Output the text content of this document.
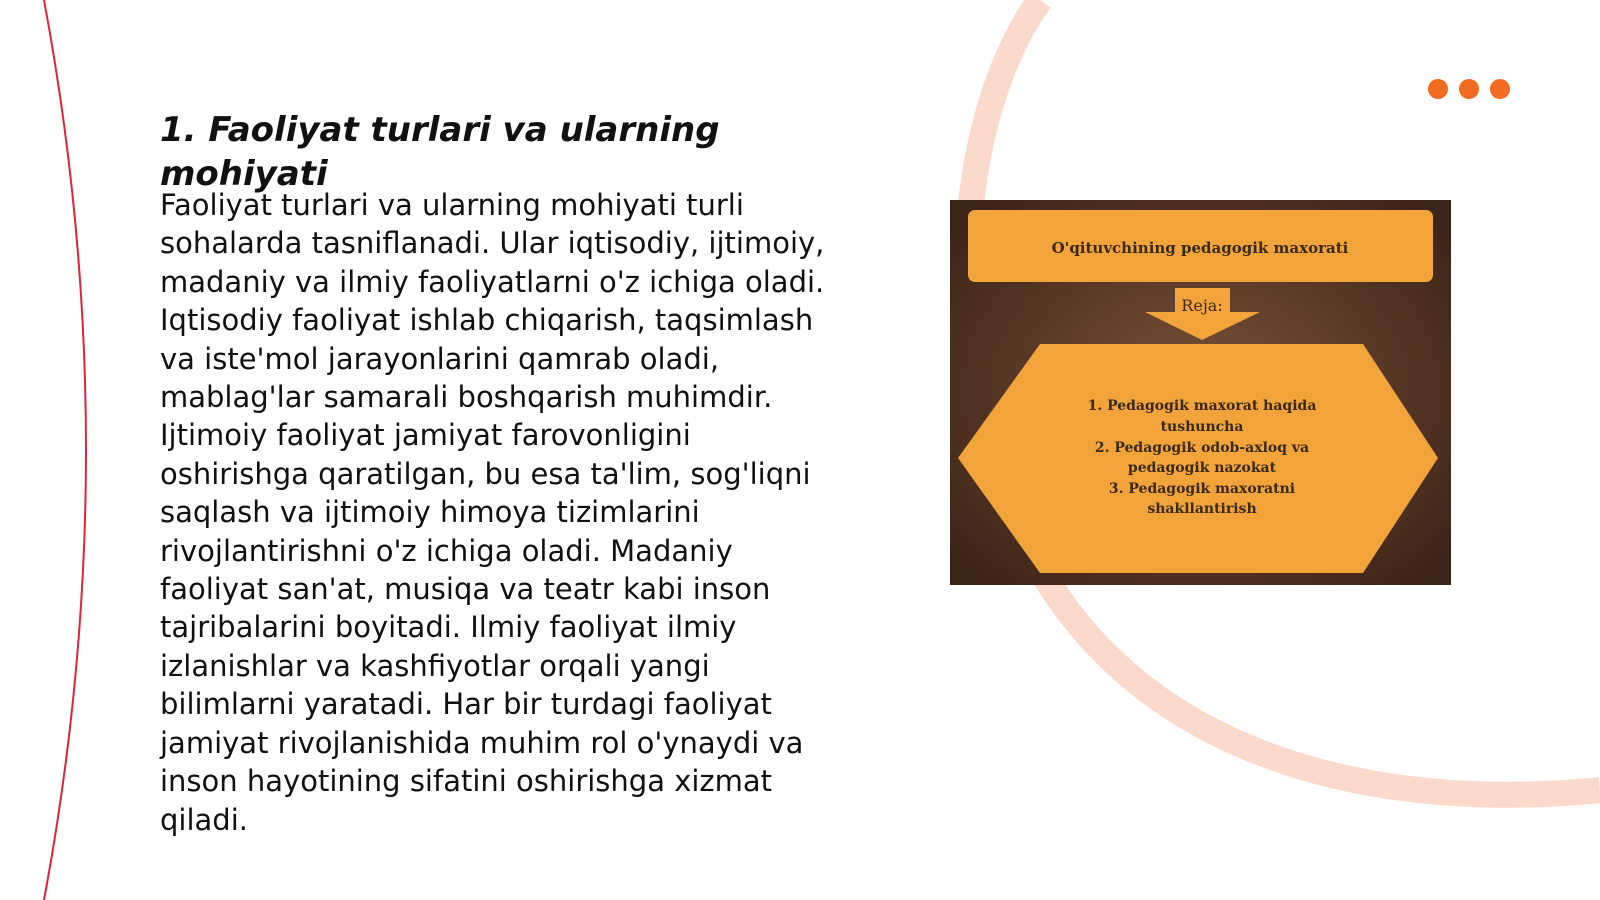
1. Faoliyat turlari va ularning mohiyati

Faoliyat turlari va ularning mohiyati turli sohalarda tasniflanadi. Ular iqtisodiy, ijtimoiy, madaniy va ilmiy faoliyatlarni o'z ichiga oladi. Iqtisodiy faoliyat ishlab chiqarish, taqsimlash va iste'mol jarayonlarini qamrab oladi, mablag'lar samarali boshqarish muhimdir. Ijtimoiy faoliyat jamiyat farovonligini oshirishga qaratilgan, bu esa ta'lim, sog'liqni saqlash va ijtimoiy himoya tizimlarini rivojlantirishni o'z ichiga oladi. Madaniy faoliyat san'at, musiqa va teatr kabi inson tajribalarini boyitadi. Ilmiy faoliyat ilmiy izlanishlar va kashfiyotlar orqali yangi bilimlarni yaratadi. Har bir turdagi faoliyat jamiyat rivojlanishida muhim rol o'ynaydi va inson hayotining sifatini oshirishga xizmat qiladi.

O'qituvchining pedagogik maxorati
Reja:
1. Pedagogik maxorat haqida
tushuncha
2. Pedagogik odob-axloq va
pedagogik nazokat
3. Pedagogik maxoratni
shakllantirish
